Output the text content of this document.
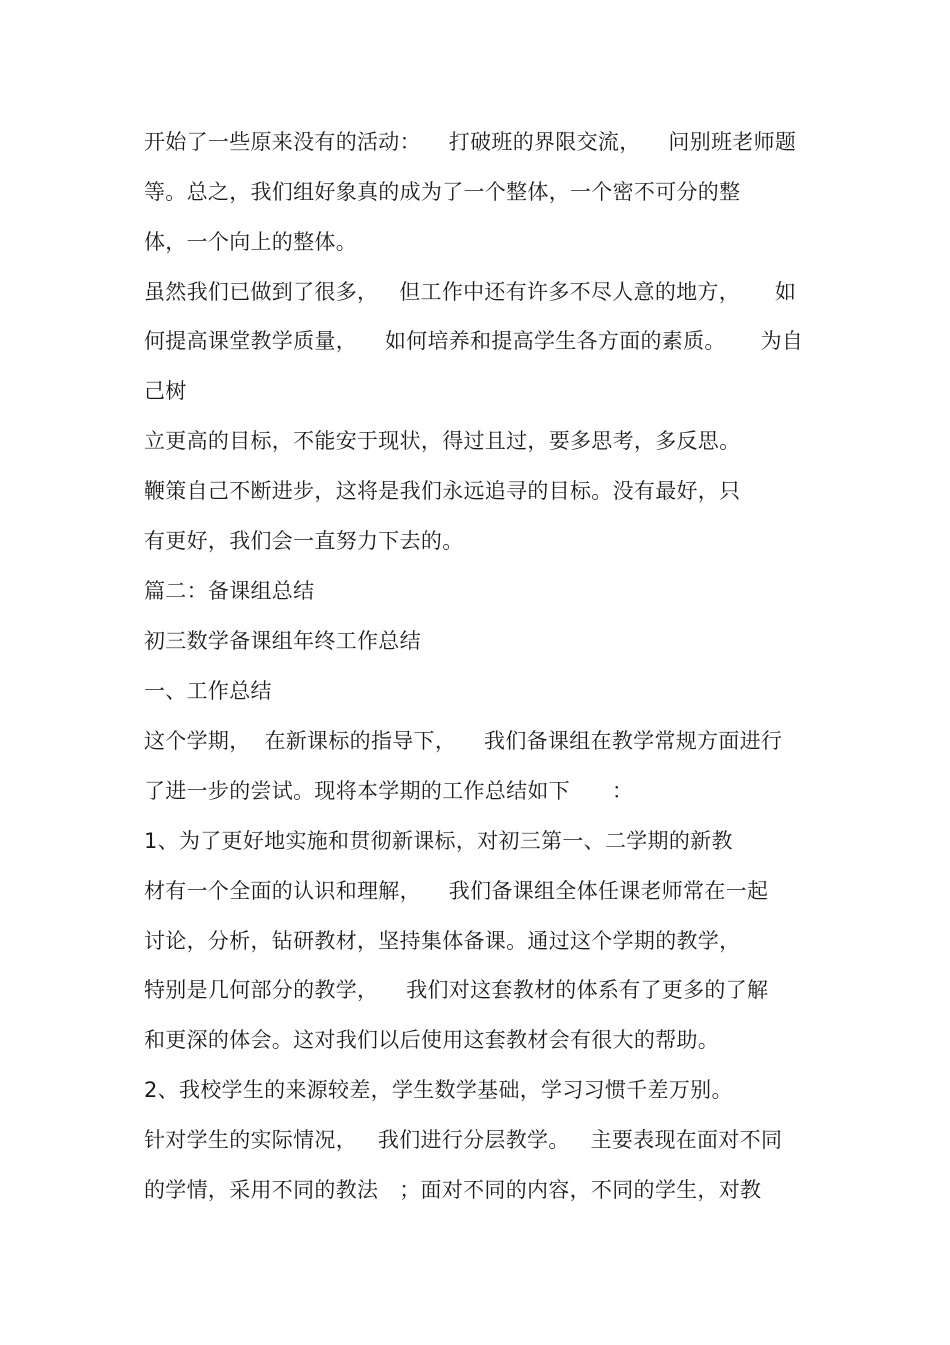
开始了一些原来没有的活动：    打破班的界限交流，    问别班老师题
等。总之，我们组好象真的成为了一个整体，一个密不可分的整
体，一个向上的整体。
虽然我们已做到了很多，   但工作中还有许多不尽人意的地方，     如
何提高课堂教学质量，    如何培养和提高学生各方面的素质。     为自
己树
立更高的目标，不能安于现状，得过且过，要多思考，多反思。
鞭策自己不断进步，这将是我们永远追寻的目标。没有最好，只
有更好，我们会一直努力下去的。
篇二：备课组总结
初三数学备课组年终工作总结
一、工作总结
这个学期，  在新课标的指导下，    我们备课组在教学常规方面进行
了进一步的尝试。现将本学期的工作总结如下      ：
1、为了更好地实施和贯彻新课标，对初三第一、二学期的新教
材有一个全面的认识和理解，    我们备课组全体任课老师常在一起
讨论，分析，钻研教材，坚持集体备课。通过这个学期的教学，
特别是几何部分的教学，    我们对这套教材的体系有了更多的了解
和更深的体会。这对我们以后使用这套教材会有很大的帮助。
2、我校学生的来源较差，学生数学基础，学习习惯千差万别。
针对学生的实际情况，   我们进行分层教学。   主要表现在面对不同
的学情，采用不同的教法   ；面对不同的内容，不同的学生，对教
